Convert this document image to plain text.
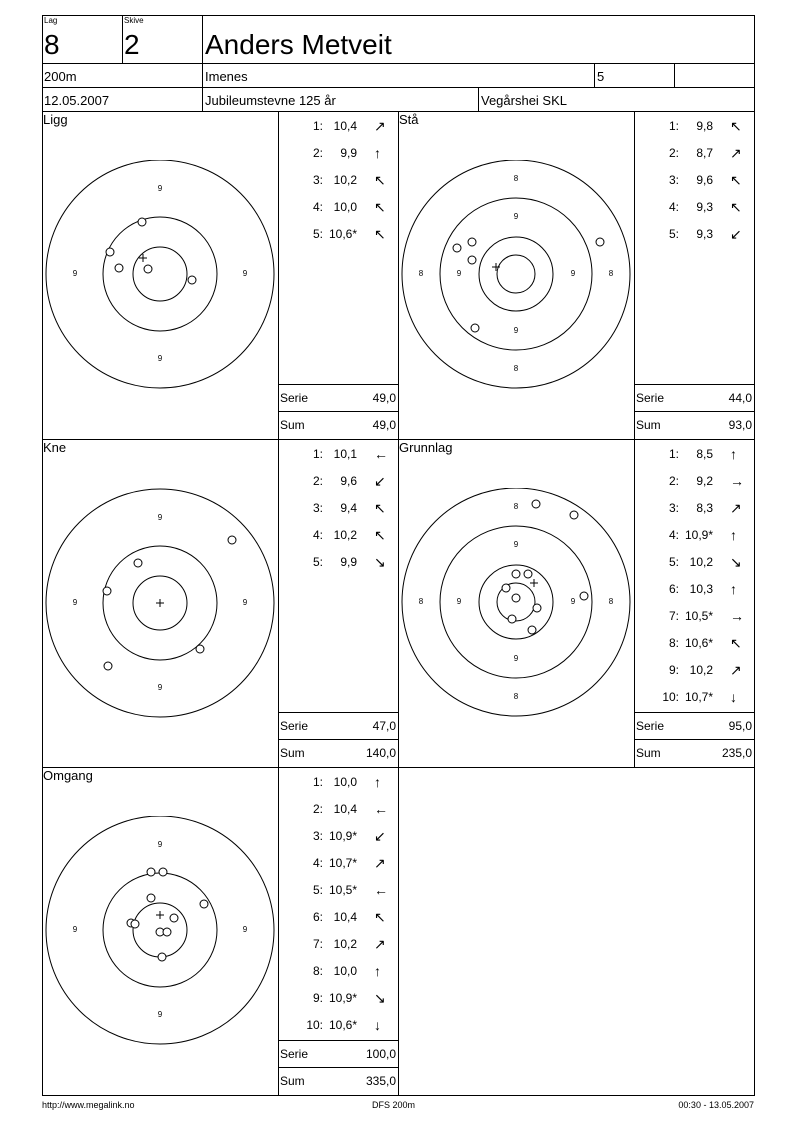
Lag
8
Skive
2 Anders Metveit
200m	Imenes	5
12.05.2007	Jubileumstevne 125 år	Vegårshei SKL
Ligg	Stå
Kne	Grunnlag
Omgang
9
9
9	9
8
8
8	8
9
9
9	9
9
9
9	9
8
8
8	8
9
9
9	9
9
9
9	9
1: 10,4 ↗
2:	9,9 ↑
3: 10,2 ↖
4: 10,0 ↖
5: 10,6* ↖
1:	9,8 ↖
2:	8,7 ↗
3:	9,6 ↖
4:	9,3 ↖
5:	9,3 ↙
1: 10,1 ←
2:	9,6 ↙
3:	9,4 ↖
4: 10,2 ↖
5:	9,9 ↘
1:	8,5 ↑
2:	9,2 →
3:	8,3 ↗
4: 10,9* ↑
5: 10,2 ↘
6: 10,3 ↑
7: 10,5* →
8: 10,6* ↖
9: 10,2 ↗
10: 10,7* ↓
1: 10,0 ↑
2: 10,4 ←
3: 10,9* ↙
4: 10,7* ↗
5: 10,5* ←
6: 10,4 ↖
7: 10,2 ↗
8: 10,0 ↑
9: 10,9* ↘
10: 10,6* ↓
Serie	49,0
Sum	49,0
Serie	44,0
Sum	93,0
Serie	47,0
Sum	140,0
Serie	95,0
Sum	235,0
Serie	100,0
Sum	335,0
http://www.megalink.no	DFS 200m	00:30 - 13.05.2007
